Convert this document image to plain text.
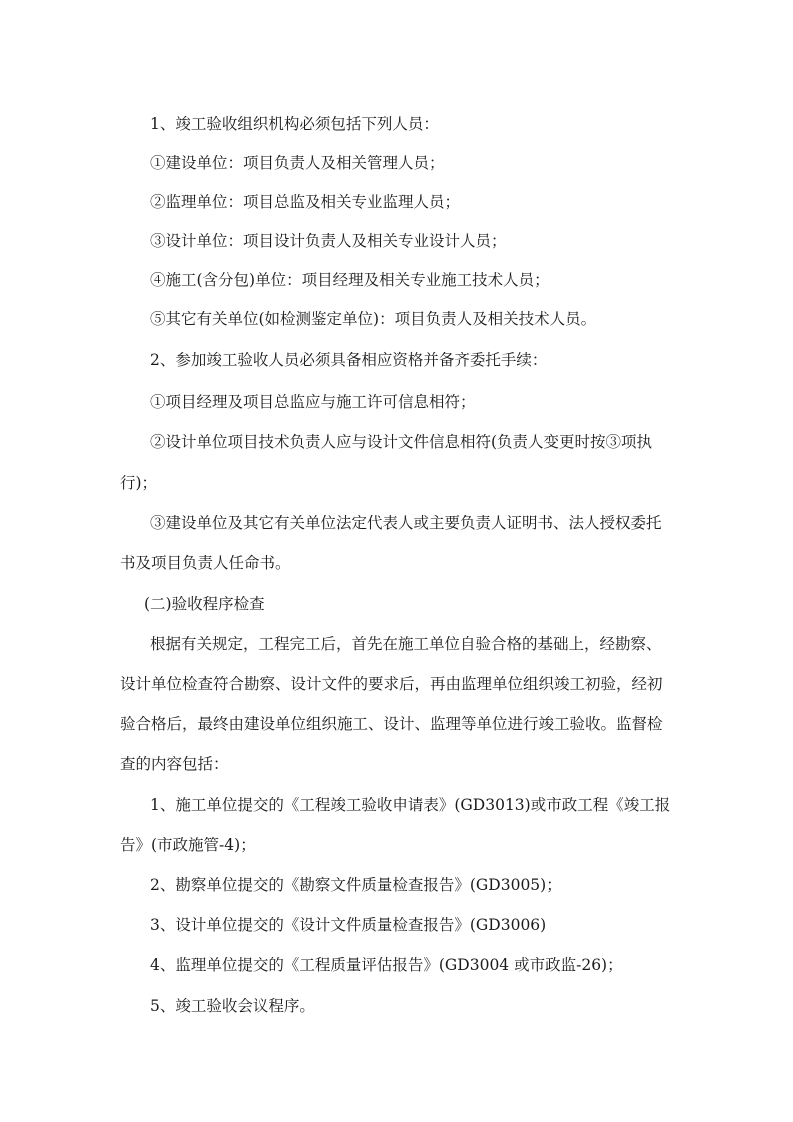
1、竣工验收组织机构必须包括下列人员：
①建设单位：项目负责人及相关管理人员；
②监理单位：项目总监及相关专业监理人员；
③设计单位：项目设计负责人及相关专业设计人员；
④施工(含分包)单位：项目经理及相关专业施工技术人员；
⑤其它有关单位(如检测鉴定单位)：项目负责人及相关技术人员。
2、参加竣工验收人员必须具备相应资格并备齐委托手续：
①项目经理及项目总监应与施工许可信息相符；
②设计单位项目技术负责人应与设计文件信息相符(负责人变更时按③项执
行)；
③建设单位及其它有关单位法定代表人或主要负责人证明书、法人授权委托
书及项目负责人任命书。
(二)验收程序检查
根据有关规定，工程完工后，首先在施工单位自验合格的基础上，经勘察、
设计单位检查符合勘察、设计文件的要求后，再由监理单位组织竣工初验，经初
验合格后，最终由建设单位组织施工、设计、监理等单位进行竣工验收。监督检
查的内容包括：
1、施工单位提交的《工程竣工验收申请表》(GD3013)或市政工程《竣工报
告》(市政施管-4)；
2、勘察单位提交的《勘察文件质量检查报告》(GD3005)；
3、设计单位提交的《设计文件质量检查报告》(GD3006)
4、监理单位提交的《工程质量评估报告》(GD3004 或市政监-26)；
5、竣工验收会议程序。
